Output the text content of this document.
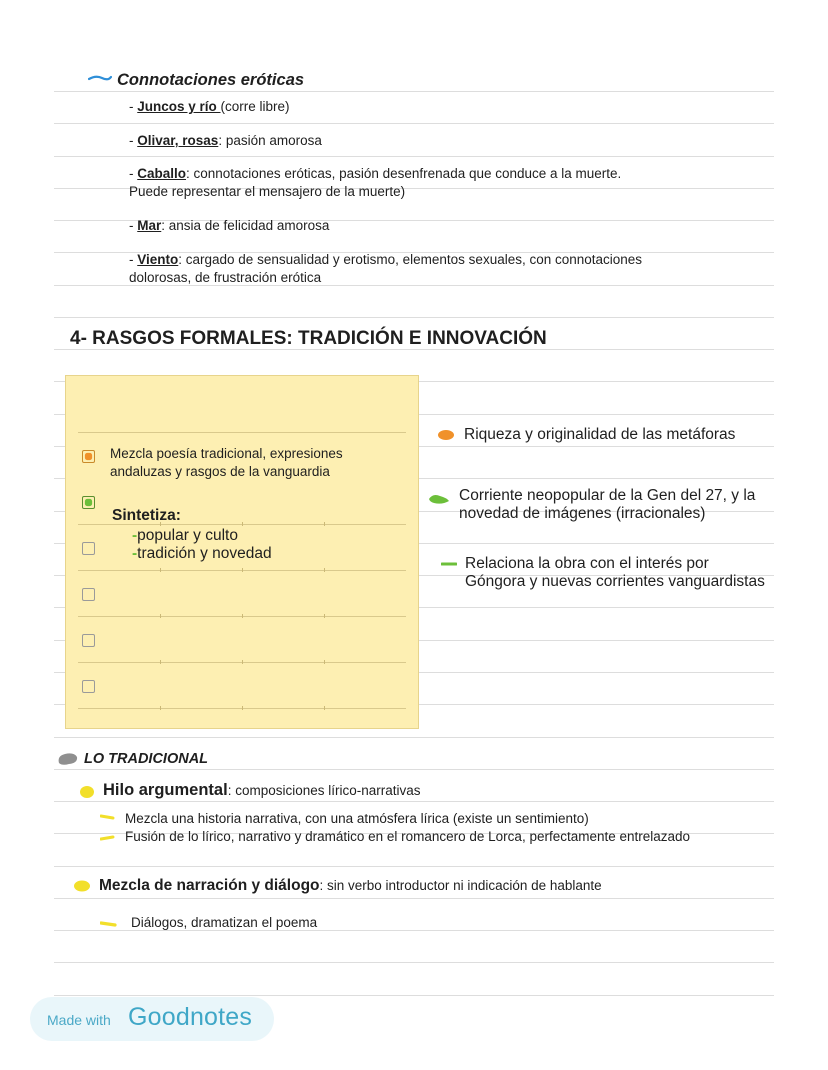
Connotaciones eróticas
- Juncos y río (corre libre)
- Olivar, rosas: pasión amorosa
- Caballo: connotaciones eróticas, pasión desenfrenada que conduce a la muerte.
Puede representar el mensajero de la muerte)
- Mar: ansia de felicidad amorosa
- Viento: cargado de sensualidad y erotismo, elementos sexuales, con connotaciones
dolorosas, de frustración erótica
4- RASGOS FORMALES: TRADICIÓN E INNOVACIÓN
Mezcla poesía tradicional, expresiones
andaluzas y rasgos de la vanguardia
Sintetiza:
-popular y culto
-tradición y novedad
Riqueza y originalidad de las metáforas
Corriente neopopular de la Gen del 27, y la
novedad de imágenes (irracionales)
Relaciona la obra con el interés por
Góngora y nuevas corrientes vanguardistas
LO TRADICIONAL
Hilo argumental: composiciones lírico-narrativas
Mezcla una historia narrativa, con una atmósfera lírica (existe un sentimiento)
Fusión de lo lírico, narrativo y dramático en el romancero de Lorca, perfectamente entrelazado
Mezcla de narración y diálogo: sin verbo introductor ni indicación de hablante
Diálogos, dramatizan el poema
Made with Goodnotes
